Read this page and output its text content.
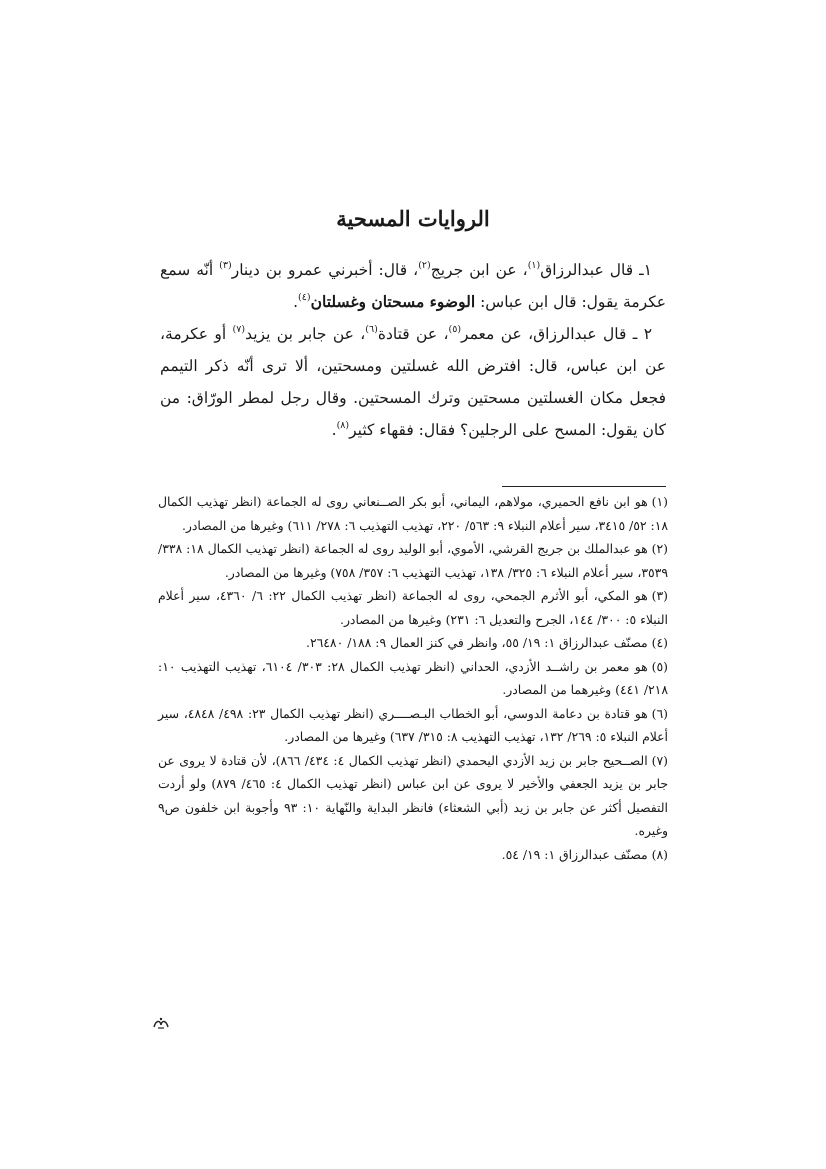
الروايات المسحية

١ـ قال عبدالرزاق$^{(١)}$، عن ابن جريج$^{(٢)}$، قال: أخبرني عمرو بن دينار$^{(٣)}$ أنّه سمع عكرمة يقول: قال ابن عباس: الوضوء مسحتان وغسلتان$^{(٤)}$.

٢ ـ قال عبدالرزاق، عن معمر$^{(٥)}$، عن قتادة$^{(٦)}$، عن جابر بن يزيد$^{(٧)}$ أو عكرمة، عن ابن عباس، قال: افترض الله غسلتين ومسحتين، ألا ترى أنّه ذكر التيمم فجعل مكان الغسلتين مسحتين وترك المسحتين. وقال رجل لمطر الورّاق: من كان يقول: المسح على الرجلين؟ فقال: فقهاء كثير$^{(٨)}$.

(١)هو ابن نافع الحميري، مولاهم، اليماني، أبو بكر الصــنعاني روى له الجماعة (انظر تهذيب الكمال ١٨: ٥٢/ ٣٤١٥، سير أعلام النبلاء ٩: ٥٦٣/ ٢٢٠، تهذيب التهذيب ٦: ٢٧٨/ ٦١١) وغيرها من المصادر.
(٢)هو عبدالملك بن جريج القرشي، الأموي، أبو الوليد روى له الجماعة (انظر تهذيب الكمال ١٨: ٣٣٨/ ٣٥٣٩، سير أعلام النبلاء ٦: ٣٢٥/ ١٣٨، تهذيب التهذيب ٦: ٣٥٧/ ٧٥٨) وغيرها من المصادر.
(٣)هو المكي، أبو الأثرم الجمحي، روى له الجماعة (انظر تهذيب الكمال ٢٢: ٦/ ٤٣٦٠، سير أعلام النبلاء ٥: ٣٠٠/ ١٤٤، الجرح والتعديل ٦: ٢٣١) وغيرها من المصادر.
(٤)مصنّف عبدالرزاق ١: ١٩/ ٥٥، وانظر في كنز العمال ٩: ١٨٨/ ٢٦٤٨٠.
(٥)هو معمر بن راشــد الأزدي، الحداني (انظر تهذيب الكمال ٢٨: ٣٠٣/ ٦١٠٤، تهذيب التهذيب ١٠: ٢١٨/ ٤٤١) وغيرهما من المصادر.
(٦)هو قتادة بن دعامة الدوسي، أبو الخطاب البـصــــري (انظر تهذيب الكمال ٢٣: ٤٩٨/ ٤٨٤٨، سير أعلام النبلاء ٥: ٢٦٩/ ١٣٢، تهذيب التهذيب ٨: ٣١٥/ ٦٣٧) وغيرها من المصادر.
(٧)الصــحيح جابر بن زيد الأزدي اليحمدي (انظر تهذيب الكمال ٤: ٤٣٤/ ٨٦٦)، لأن قتادة لا يروى عن جابر بن يزيد الجعفي والأخير لا يروى عن ابن عباس (انظر تهذيب الكمال ٤: ٤٦٥/ ٨٧٩) ولو أردت التفصيل أكثر عن جابر بن زيد (أبي الشعثاء) فانظر البداية والنّهاية ١٠: ٩٣ وأجوبة ابن خلفون ص٩ وغيره.
(٨)مصنّف عبدالرزاق ١: ١٩/ ٥٤.
